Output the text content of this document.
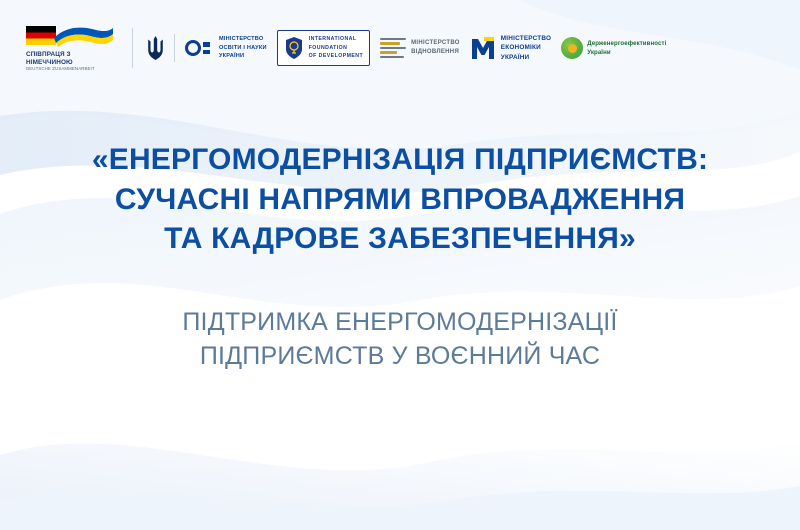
СПІВПРАЦЯ З
НІМЕЧЧИНОЮ
DEUTSCHE ZUSAMMENARBEIT
МІНІСТЕРСТВО
ОСВІТИ І НАУКИ
УКРАЇНИ
INTERNATIONAL
FOUNDATION
OF DEVELOPMENT
МІНІСТЕРСТВО
ВІДНОВЛЕННЯ
МІНІСТЕРСТВО
ЕКОНОМІКИ
УКРАЇНИ
Держенергоефективності
України
«ЕНЕРГОМОДЕРНІЗАЦІЯ ПІДПРИЄМСТВ:
СУЧАСНІ НАПРЯМИ ВПРОВАДЖЕННЯ
ТА КАДРОВЕ ЗАБЕЗПЕЧЕННЯ»
ПІДТРИМКА ЕНЕРГОМОДЕРНІЗАЦІЇ
ПІДПРИЄМСТВ У ВОЄННИЙ ЧАС
